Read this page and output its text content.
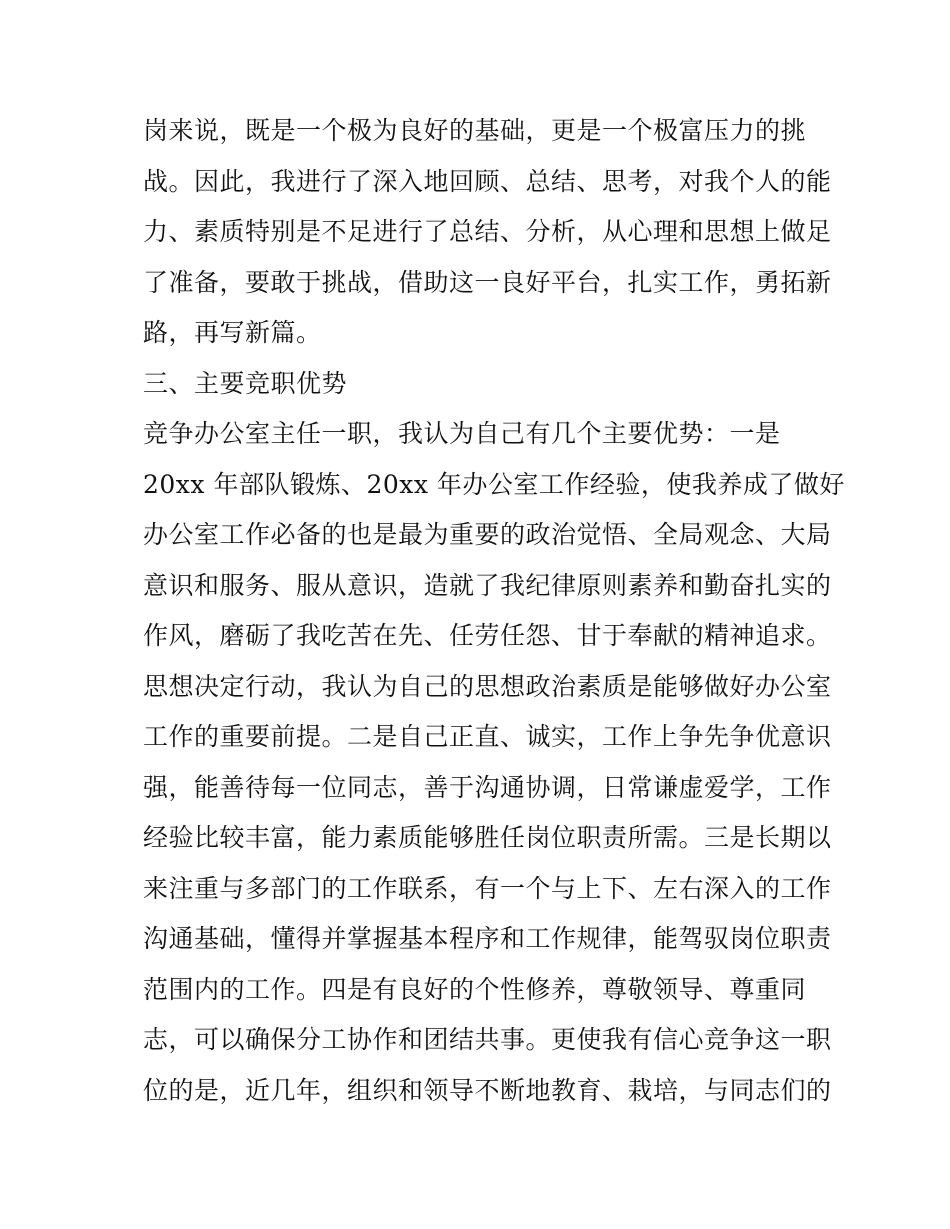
岗来说，既是一个极为良好的基础，更是一个极富压力的挑
战。因此，我进行了深入地回顾、总结、思考，对我个人的能
力、素质特别是不足进行了总结、分析，从心理和思想上做足
了准备，要敢于挑战，借助这一良好平台，扎实工作，勇拓新
路，再写新篇。
三、主要竞职优势
竞争办公室主任一职，我认为自己有几个主要优势：一是
20xx 年部队锻炼、20xx 年办公室工作经验，使我养成了做好
办公室工作必备的也是最为重要的政治觉悟、全局观念、大局
意识和服务、服从意识，造就了我纪律原则素养和勤奋扎实的
作风，磨砺了我吃苦在先、任劳任怨、甘于奉献的精神追求。
思想决定行动，我认为自己的思想政治素质是能够做好办公室
工作的重要前提。二是自己正直、诚实，工作上争先争优意识
强，能善待每一位同志，善于沟通协调，日常谦虚爱学，工作
经验比较丰富，能力素质能够胜任岗位职责所需。三是长期以
来注重与多部门的工作联系，有一个与上下、左右深入的工作
沟通基础，懂得并掌握基本程序和工作规律，能驾驭岗位职责
范围内的工作。四是有良好的个性修养，尊敬领导、尊重同
志，可以确保分工协作和团结共事。更使我有信心竞争这一职
位的是，近几年，组织和领导不断地教育、栽培，与同志们的
